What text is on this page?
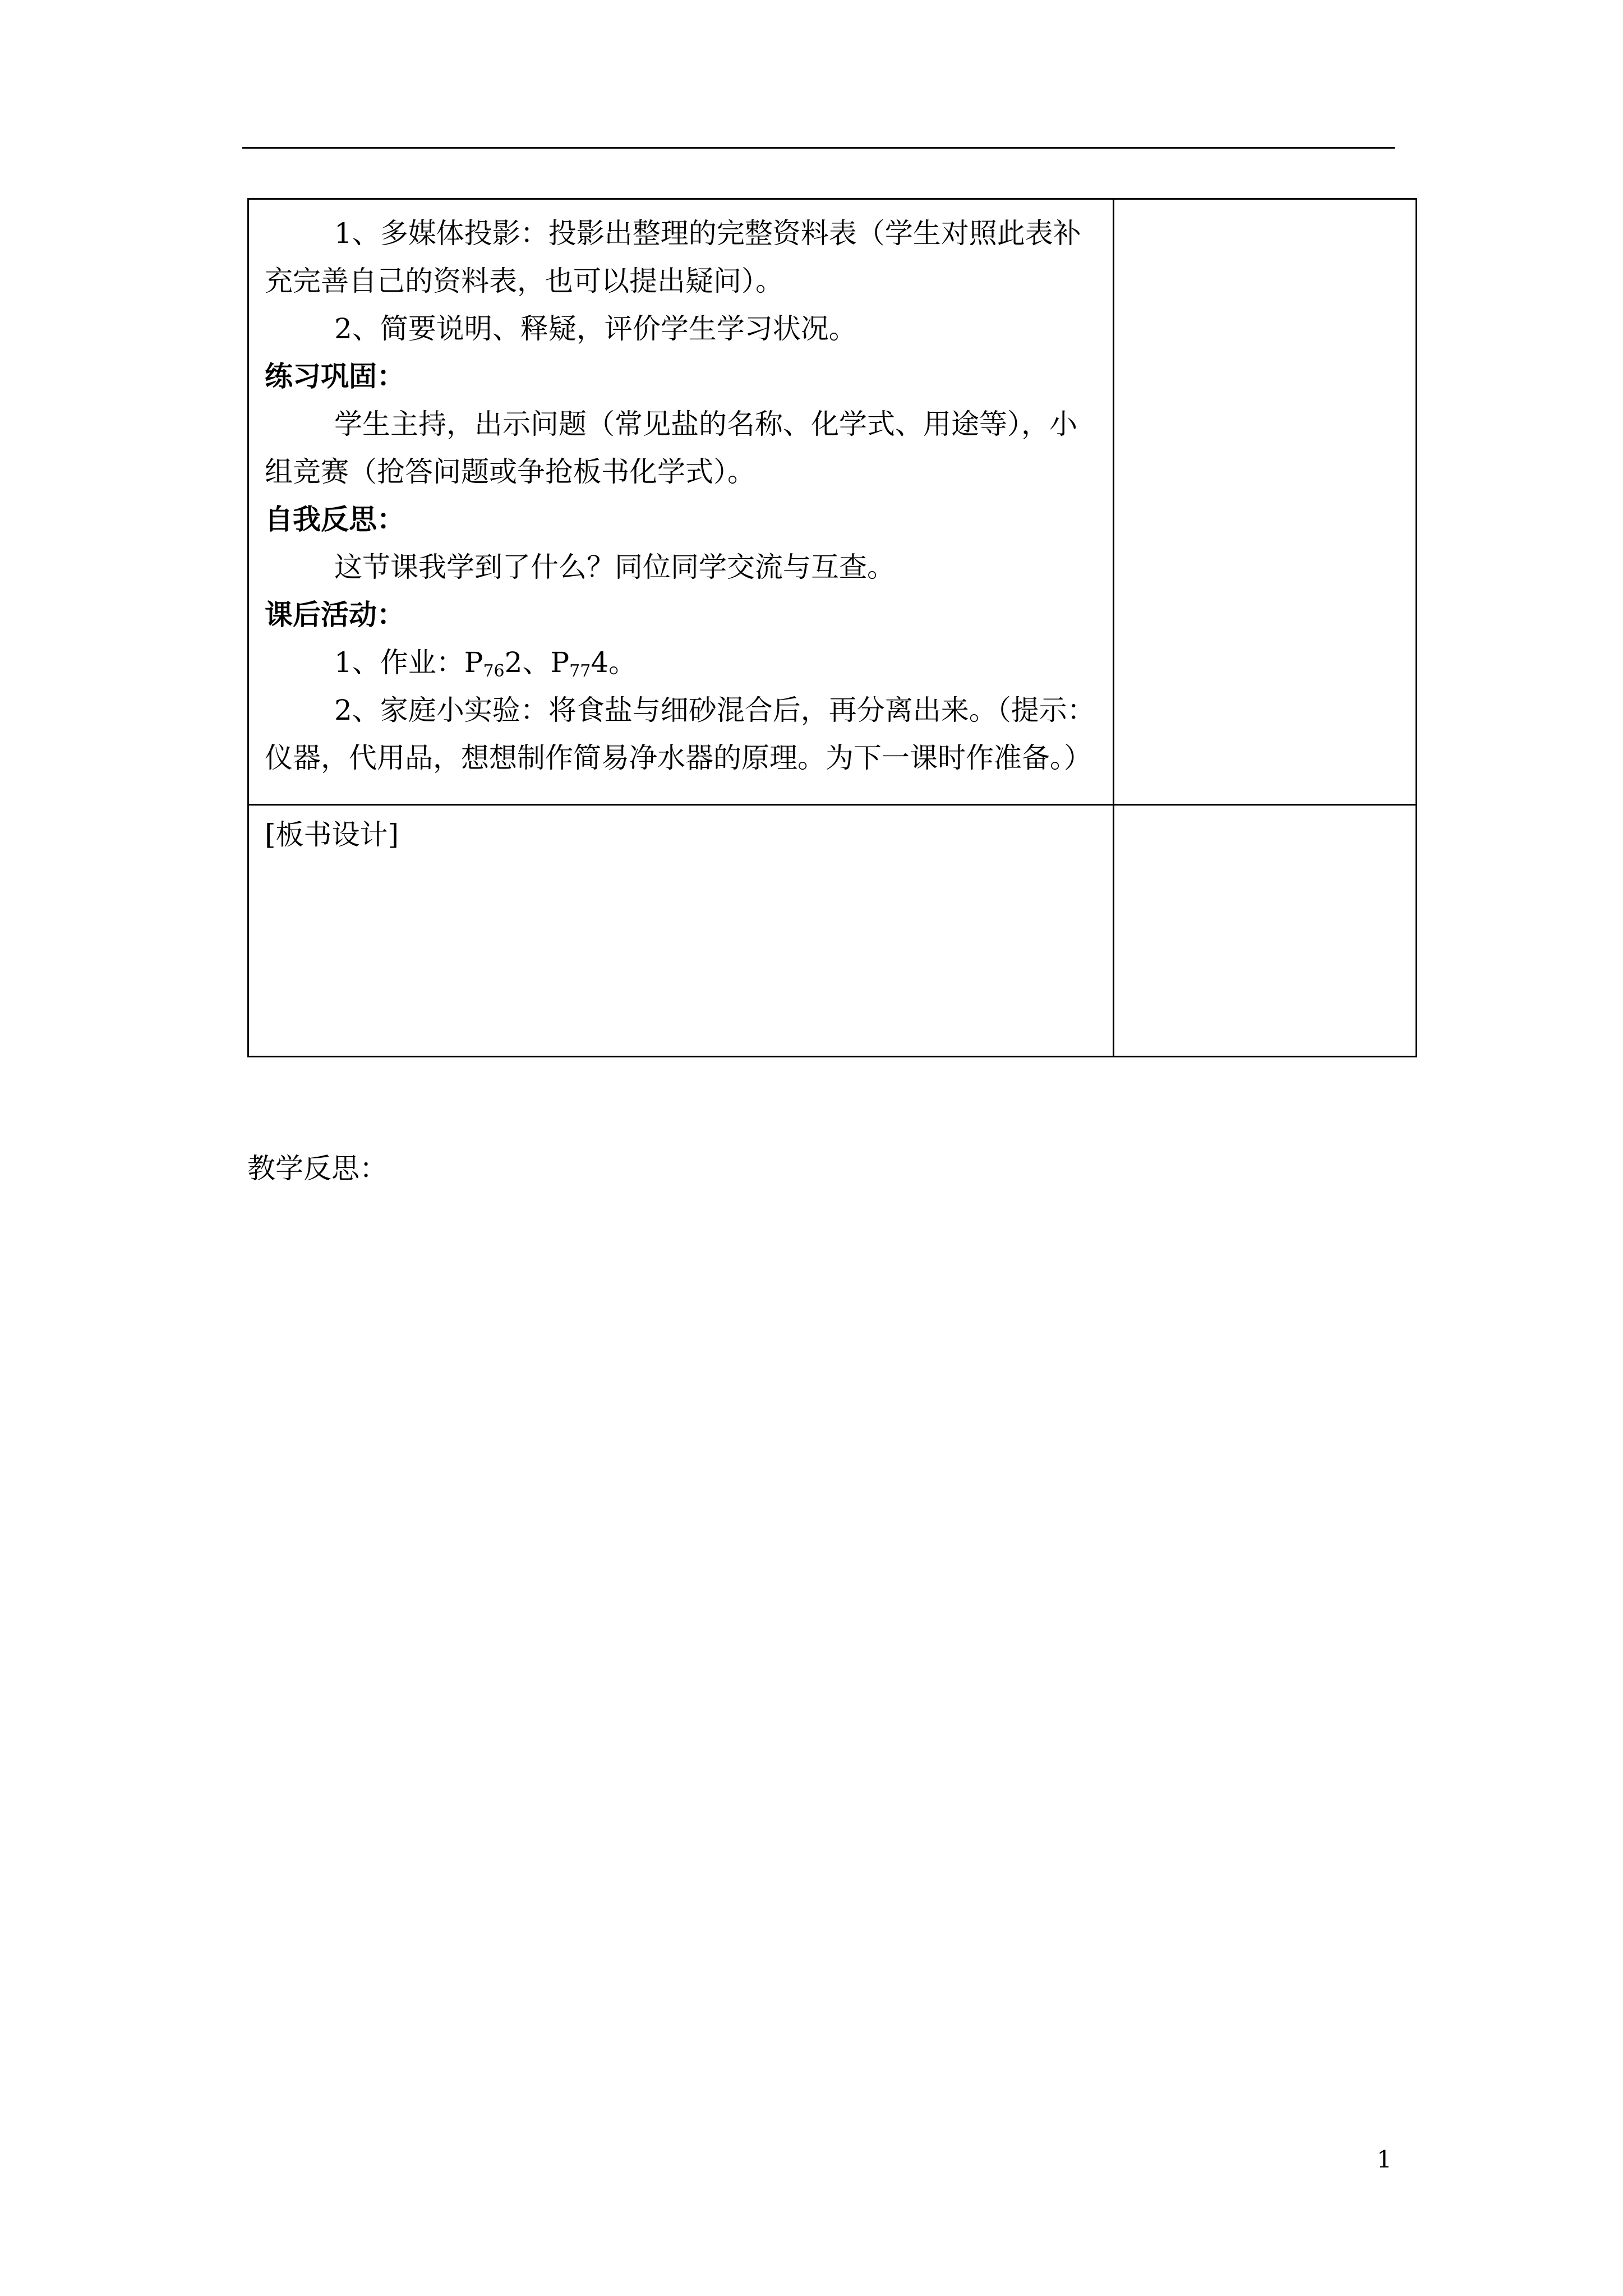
1、多媒体投影：投影出整理的完整资料表（学生对照此表补
充完善自己的资料表，也可以提出疑问）。
2、简要说明、释疑，评价学生学习状况。
练习巩固：
学生主持，出示问题（常见盐的名称、化学式、用途等），小
组竞赛（抢答问题或争抢板书化学式）。
自我反思：
这节课我学到了什么？同位同学交流与互查。
课后活动：
1、作业：$P_{76}2$、$P_{77}4$。
2、家庭小实验：将食盐与细砂混合后，再分离出来。（提示：
仪器，代用品，想想制作简易净水器的原理。为下一课时作准备。）
[板书设计]
教学反思：
1
